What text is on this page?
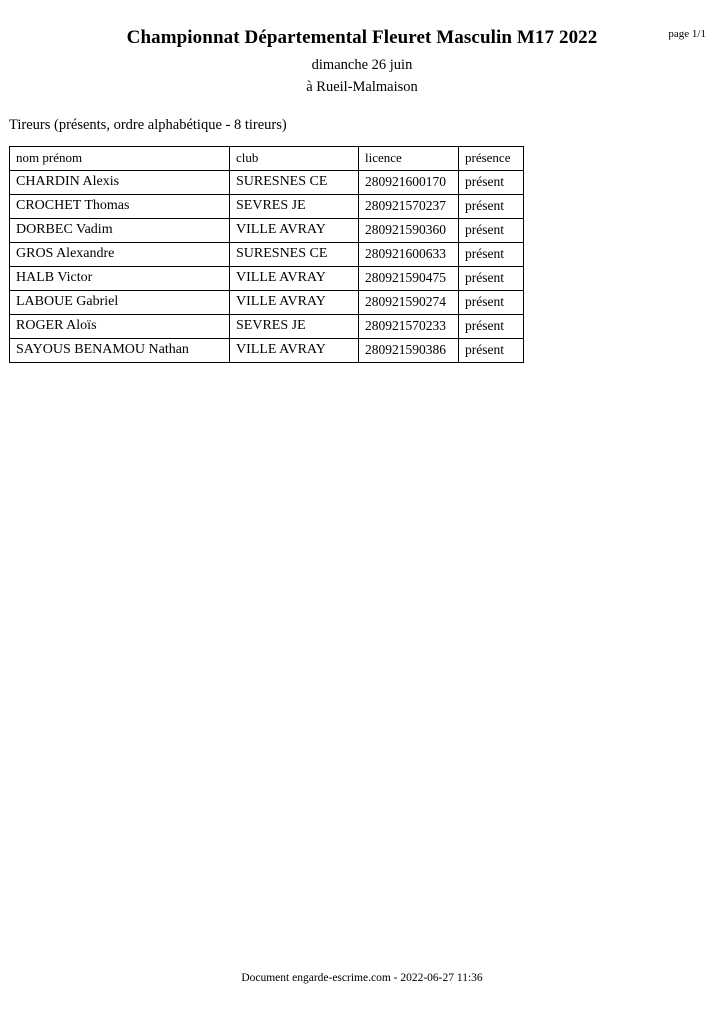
page 1/1
Championnat Départemental Fleuret Masculin M17 2022

dimanche 26 juin

à Rueil-Malmaison

Tireurs (présents, ordre alphabétique - 8 tireurs)
nom prénom	club	licence	présence
CHARDIN Alexis	SURESNES CE	280921600170	présent
CROCHET Thomas	SEVRES JE	280921570237	présent
DORBEC Vadim	VILLE AVRAY	280921590360	présent
GROS Alexandre	SURESNES CE	280921600633	présent
HALB Victor	VILLE AVRAY	280921590475	présent
LABOUE Gabriel	VILLE AVRAY	280921590274	présent
ROGER Aloïs	SEVRES JE	280921570233	présent
SAYOUS BENAMOU Nathan	VILLE AVRAY	280921590386	présent
Document engarde-escrime.com - 2022-06-27 11:36
